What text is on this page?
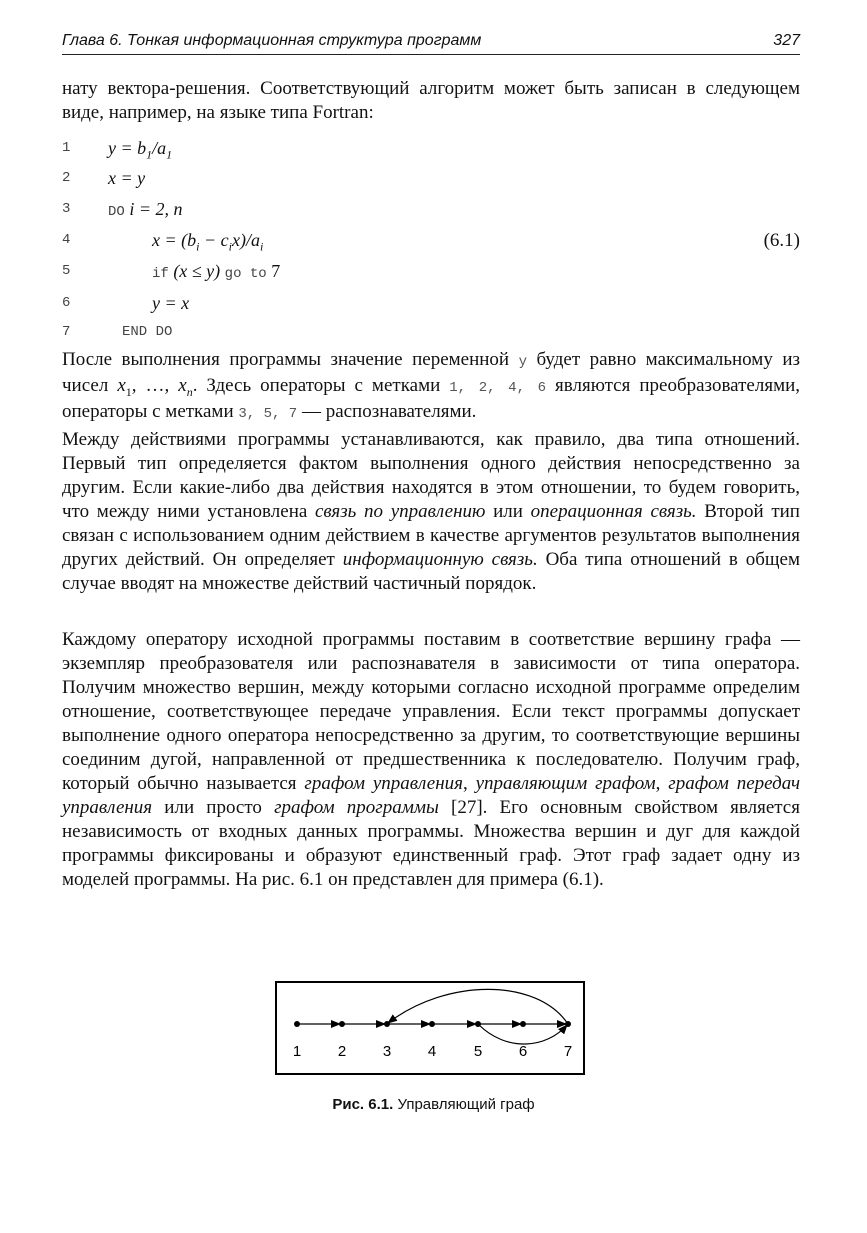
Глава 6. Тонкая информационная структура программ	327
нату вектора-решения. Соответствующий алгоритм может быть записан в следующем виде, например, на языке типа Fortran:
1 $y = b_1/a_1$
2 x = y
3	DO i = 2, n
4	$x = (b_i - c_ix)/a_i$	(6.1)
5	if (x ≤ y) go to 7
6	y = x
7	END DO
После выполнения программы значение переменной y будет равно максимальному из чисел $x_1$, …, $x_n$. Здесь операторы с метками 1, 2, 4, 6 являются преобразователями, операторы с метками 3, 5, 7 — распознавателями.
Между действиями программы устанавливаются, как правило, два типа отношений. Первый тип определяется фактом выполнения одного действия непосредственно за другим. Если какие-либо два действия находятся в этом отношении, то будем говорить, что между ними установлена связь по управлению или операционная связь. Второй тип связан с использованием одним действием в качестве аргументов результатов выполнения других действий. Он определяет информационную связь. Оба типа отношений в общем случае вводят на множестве действий частичный порядок.
Каждому оператору исходной программы поставим в соответствие вершину графа — экземпляр преобразователя или распознавателя в зависимости от типа оператора. Получим множество вершин, между которыми согласно исходной программе определим отношение, соответствующее передаче управления. Если текст программы допускает выполнение одного оператора непосредственно за другим, то соответствующие вершины соединим дугой, направленной от предшественника к последователю. Получим граф, который обычно называется графом управления, управляющим графом, графом передач управления или просто графом программы [27]. Его основным свойством является независимость от входных данных программы. Множества вершин и дуг для каждой программы фиксированы и образуют единственный граф. Этот граф задает одну из моделей программы. На рис. 6.1 он представлен для примера (6.1).
1 2 3 4	5 6 7
Рис. 6.1. Управляющий граф
